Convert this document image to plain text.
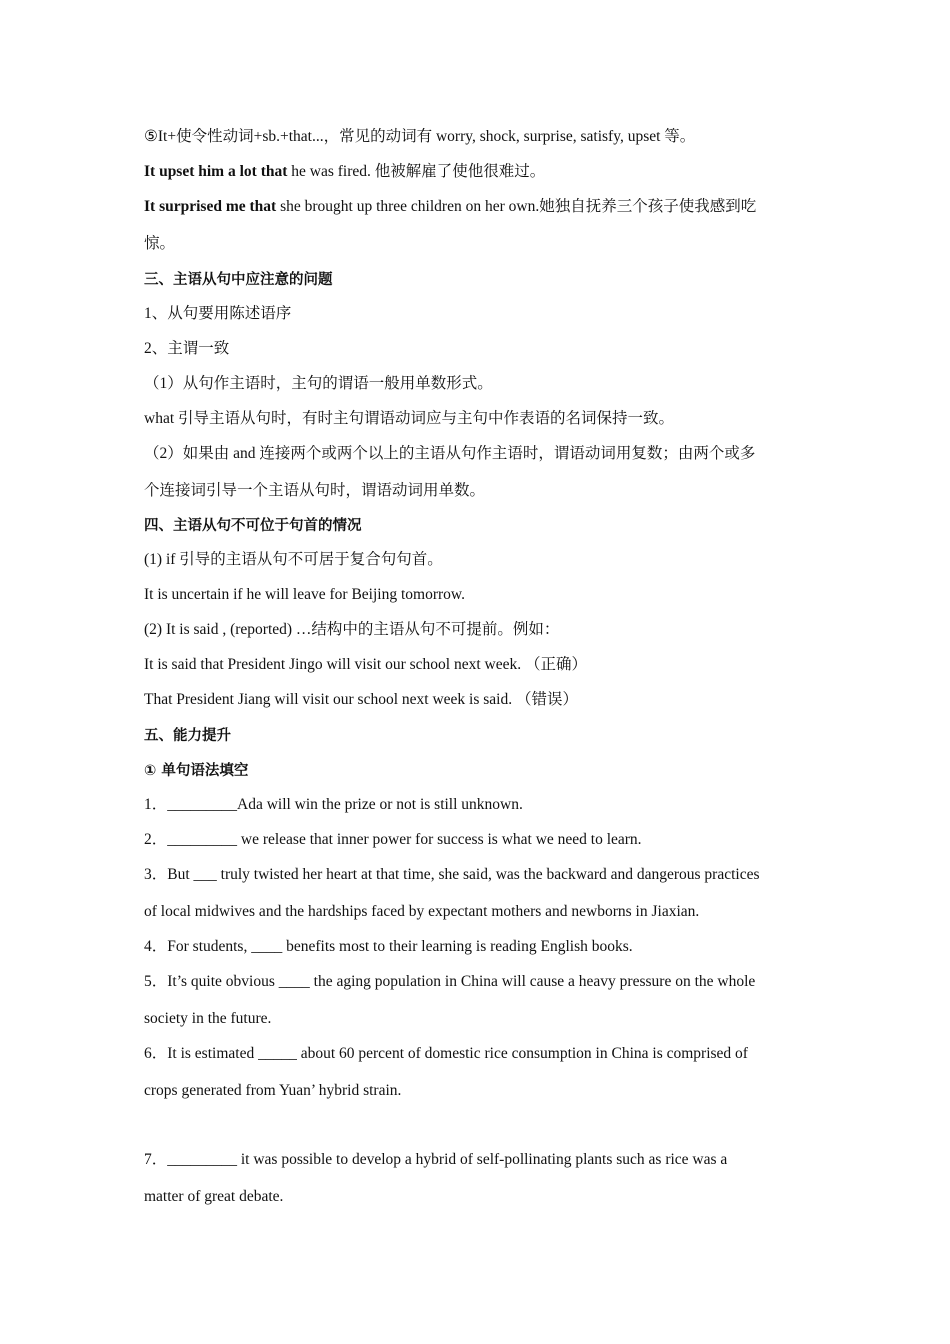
⑤It+使令性动词+sb.+that...，常见的动词有 worry, shock, surprise, satisfy, upset 等。
It upset him a lot that he was fired. 他被解雇了使他很难过。
It surprised me that she brought up three children on her own.她独自抚养三个孩子使我感到吃
惊。
三、主语从句中应注意的问题
1、从句要用陈述语序
2、主谓一致
（1）从句作主语时，主句的谓语一般用单数形式。
what 引导主语从句时，有时主句谓语动词应与主句中作表语的名词保持一致。
（2）如果由 and 连接两个或两个以上的主语从句作主语时，谓语动词用复数；由两个或多
个连接词引导一个主语从句时，谓语动词用单数。
四、主语从句不可位于句首的情况
(1) if 引导的主语从句不可居于复合句句首。
It is uncertain if he will leave for Beijing tomorrow.
(2) It is said , (reported) …结构中的主语从句不可提前。例如：
It is said that President Jingo will visit our school next week. （正确）
That President Jiang will visit our school next week is said. （错误）
五、能力提升
① 单句语法填空
1．_________Ada will win the prize or not is still unknown.
2．_________ we release that inner power for success is what we need to learn.
3．But ___ truly twisted her heart at that time, she said, was the backward and dangerous practices
of local midwives and the hardships faced by expectant mothers and newborns in Jiaxian.
4．For students, ____ benefits most to their learning is reading English books.
5．It’s quite obvious ____ the aging population in China will cause a heavy pressure on the whole
society in the future.
6．It is estimated _____ about 60 percent of domestic rice consumption in China is comprised of
crops generated from Yuan’ hybrid strain.
7．_________ it was possible to develop a hybrid of self-pollinating plants such as rice was a
matter of great debate.
